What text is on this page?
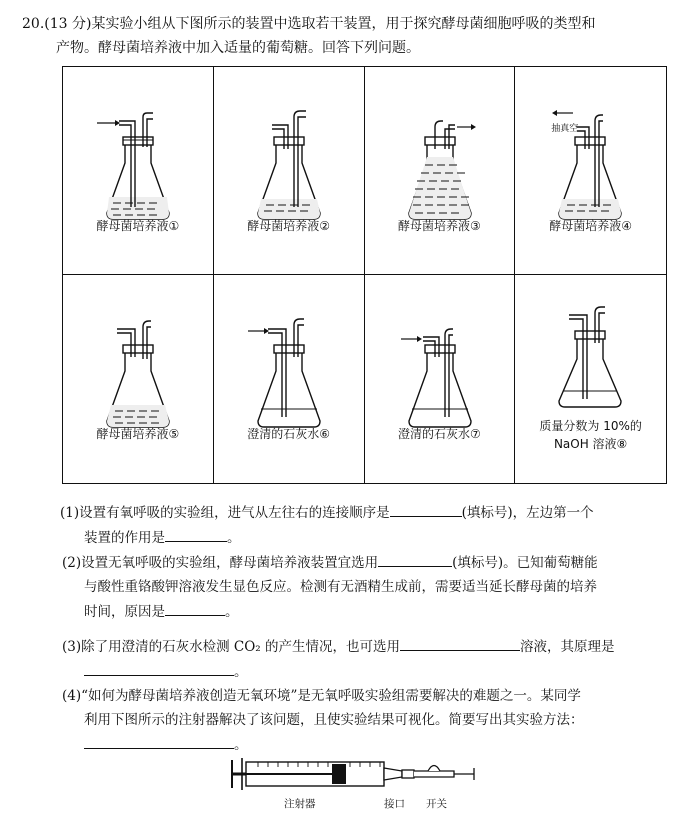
20.(13 分)某实验小组从下图所示的装置中选取若干装置，用于探究酵母菌细胞呼吸的类型和
产物。酵母菌培养液中加入适量的葡萄糖。回答下列问题。
酵母菌培养液①	酵母菌培养液②	酵母菌培养液③
抽真空
酵母菌培养液④
酵母菌培养液⑤	澄清的石灰水⑥	澄清的石灰水⑦
质量分数为 10%的
NaOH 溶液⑧
(1)设置有氧呼吸的实验组，进气从左往右的连接顺序是	(填标号)，左边第一个
装置的作用是	。
(2)设置无氧呼吸的实验组，酵母菌培养液装置宜选用	(填标号)。已知葡萄糖能
与酸性重铬酸钾溶液发生显色反应。检测有无酒精生成前，需要适当延长酵母菌的培养
时间，原因是	。
(3)除了用澄清的石灰水检测 CO₂ 的产生情况，也可选用	溶液，其原理是
。
(4)“如何为酵母菌培养液创造无氧环境”是无氧呼吸实验组需要解决的难题之一。某同学
利用下图所示的注射器解决了该问题，且使实验结果可视化。简要写出其实验方法：
。
注射器	接口 开关
